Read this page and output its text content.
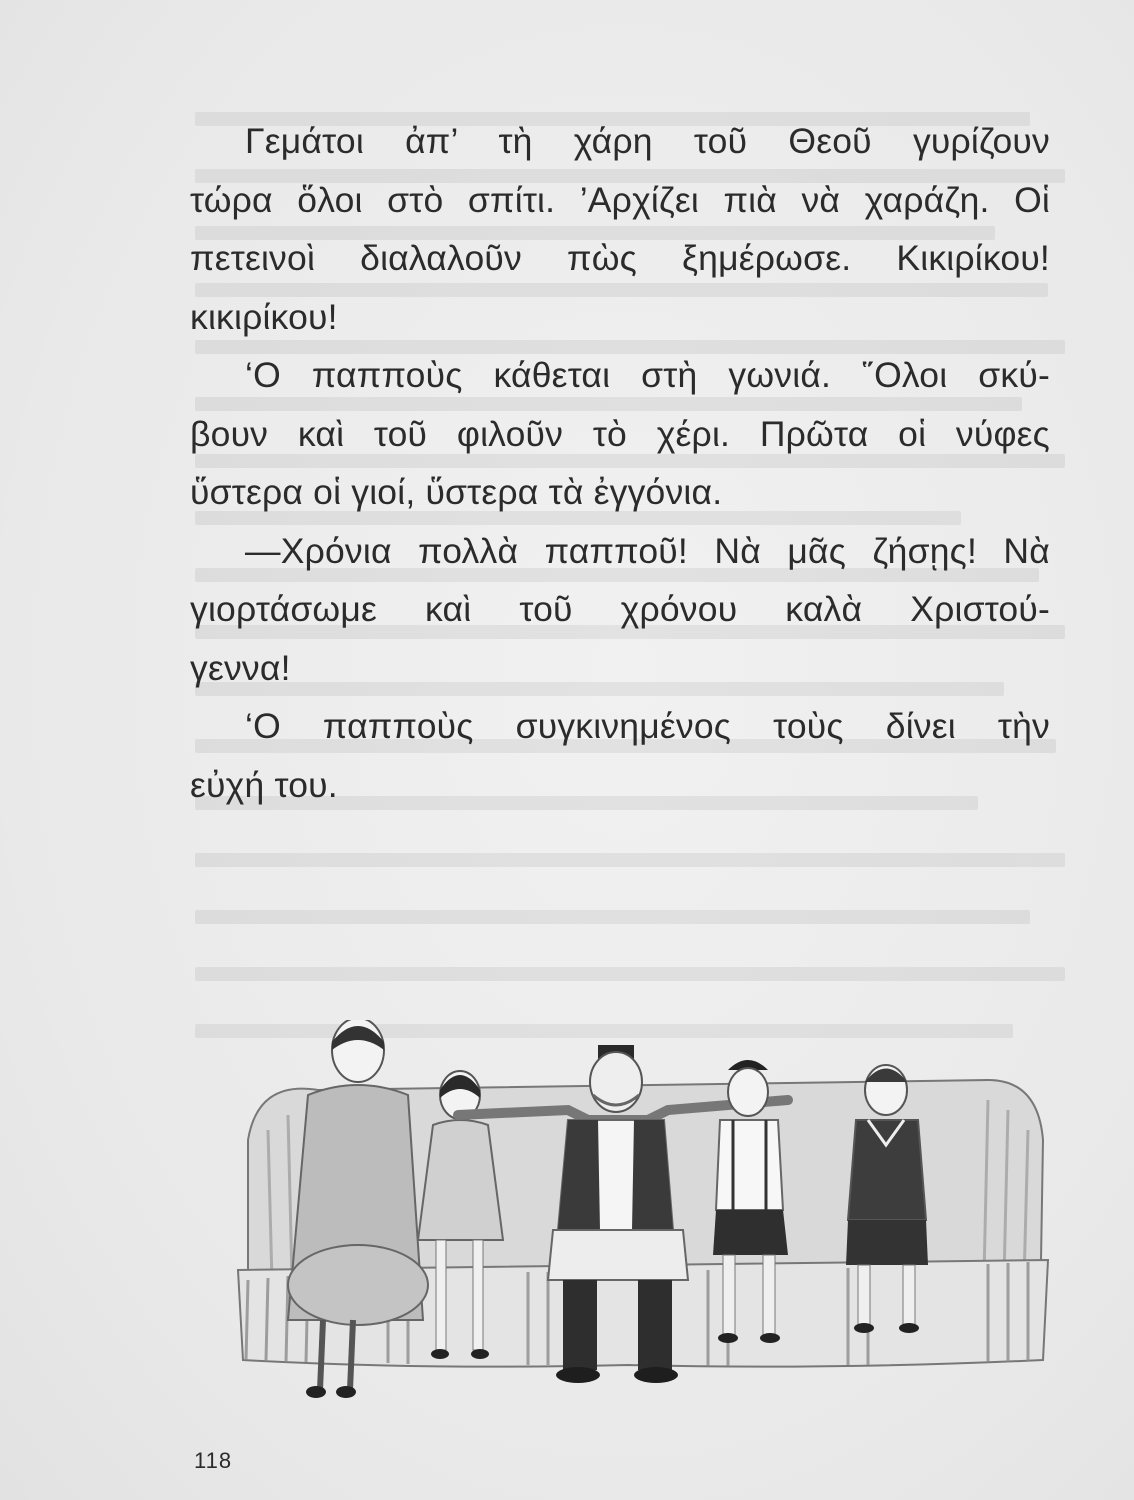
Γεμάτοι ἀπ’ τὴ χάρη τοῦ Θεοῦ γυρίζουν
τώρα ὅλοι στὸ σπίτι. ’Αρχίζει πιὰ νὰ χαράζη. Οἱ
πετεινοὶ διαλαλοῦν πὼς ξημέρωσε. Κικιρίκου!
κικιρίκου!
‘Ο παπποὺς κάθεται στὴ γωνιά. ῞Ολοι σκύ-
βουν καὶ τοῦ φιλοῦν τὸ χέρι. Πρῶτα οἱ νύφες
ὕστερα οἱ γιοί, ὕστερα τὰ ἐγγόνια.
—Χρόνια πολλὰ παπποῦ! Νὰ μᾶς ζήσῃς! Νὰ
γιορτάσωμε καὶ τοῦ χρόνου καλὰ Χριστού-
γεννα!
‘Ο παπποὺς συγκινημένος τοὺς δίνει τὴν
εὐχή του.
118
